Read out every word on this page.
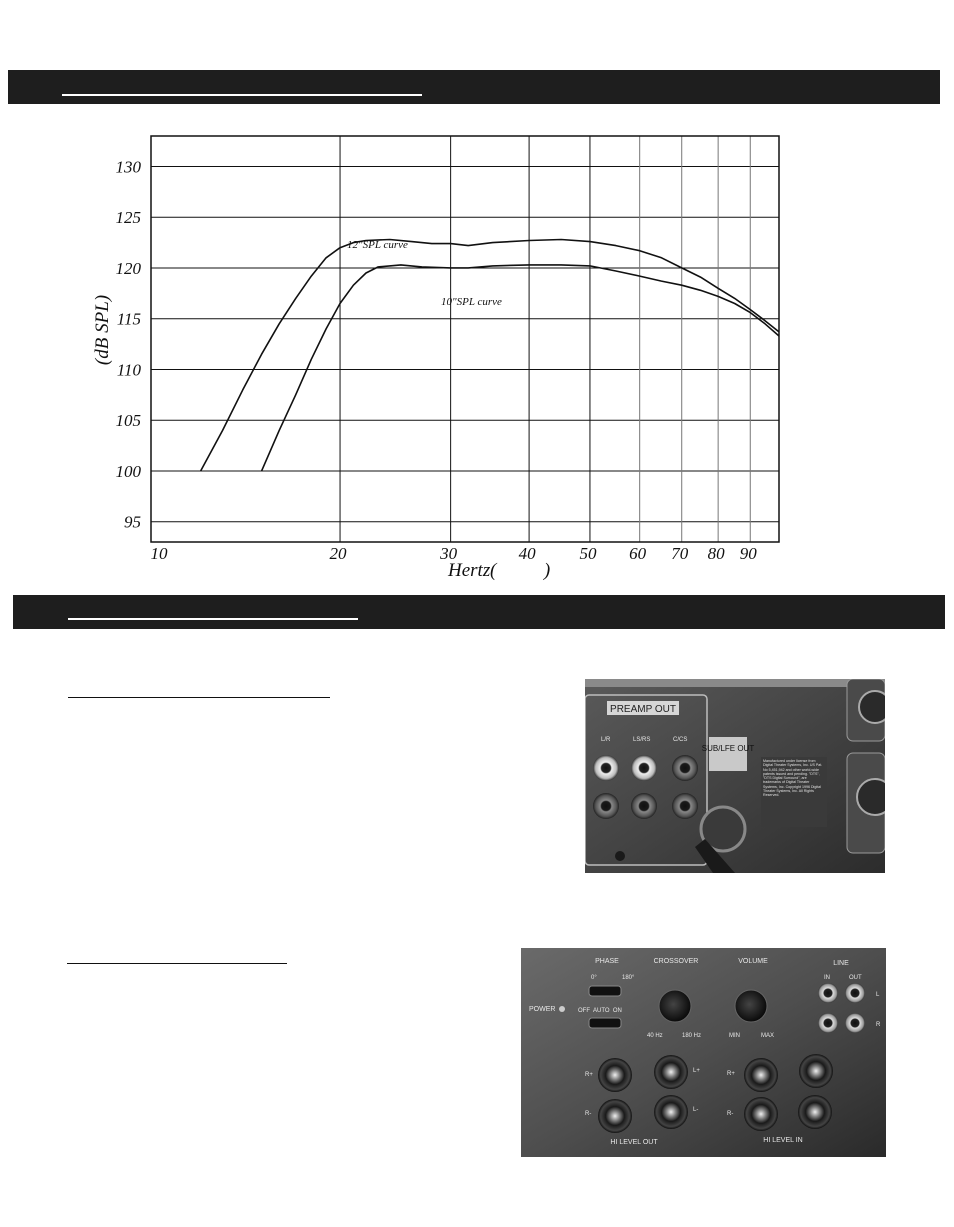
95
100
105
110
115
120
125
130
10	20	30	40	50 60 70 80 90
12"SPL curve
10"SPL curve
(dB SPL)
Hertz (          )
PREAMP OUT
L/R	LS/RS	C/CS
SUB/LFE OUT
Manufactured under license from Digital Theater Systems, Inc. US Pat. No 5,451,942 and other world-wide patents issued and pending. "DTS", "DTS Digital Surround", are trademarks of Digital Theater Systems, Inc. Copyright 1996 Digital Theater Systems, Inc. All Rights Reserved.
POWER
PHASE
0°	180°
OFF  AUTO  ON
CROSSOVER
40 Hz	180 Hz
VOLUME
MIN	MAX
LINE
IN	OUT
L
R
R+
R-
L+
L-
HI LEVEL OUT
R+
R-
HI LEVEL IN
